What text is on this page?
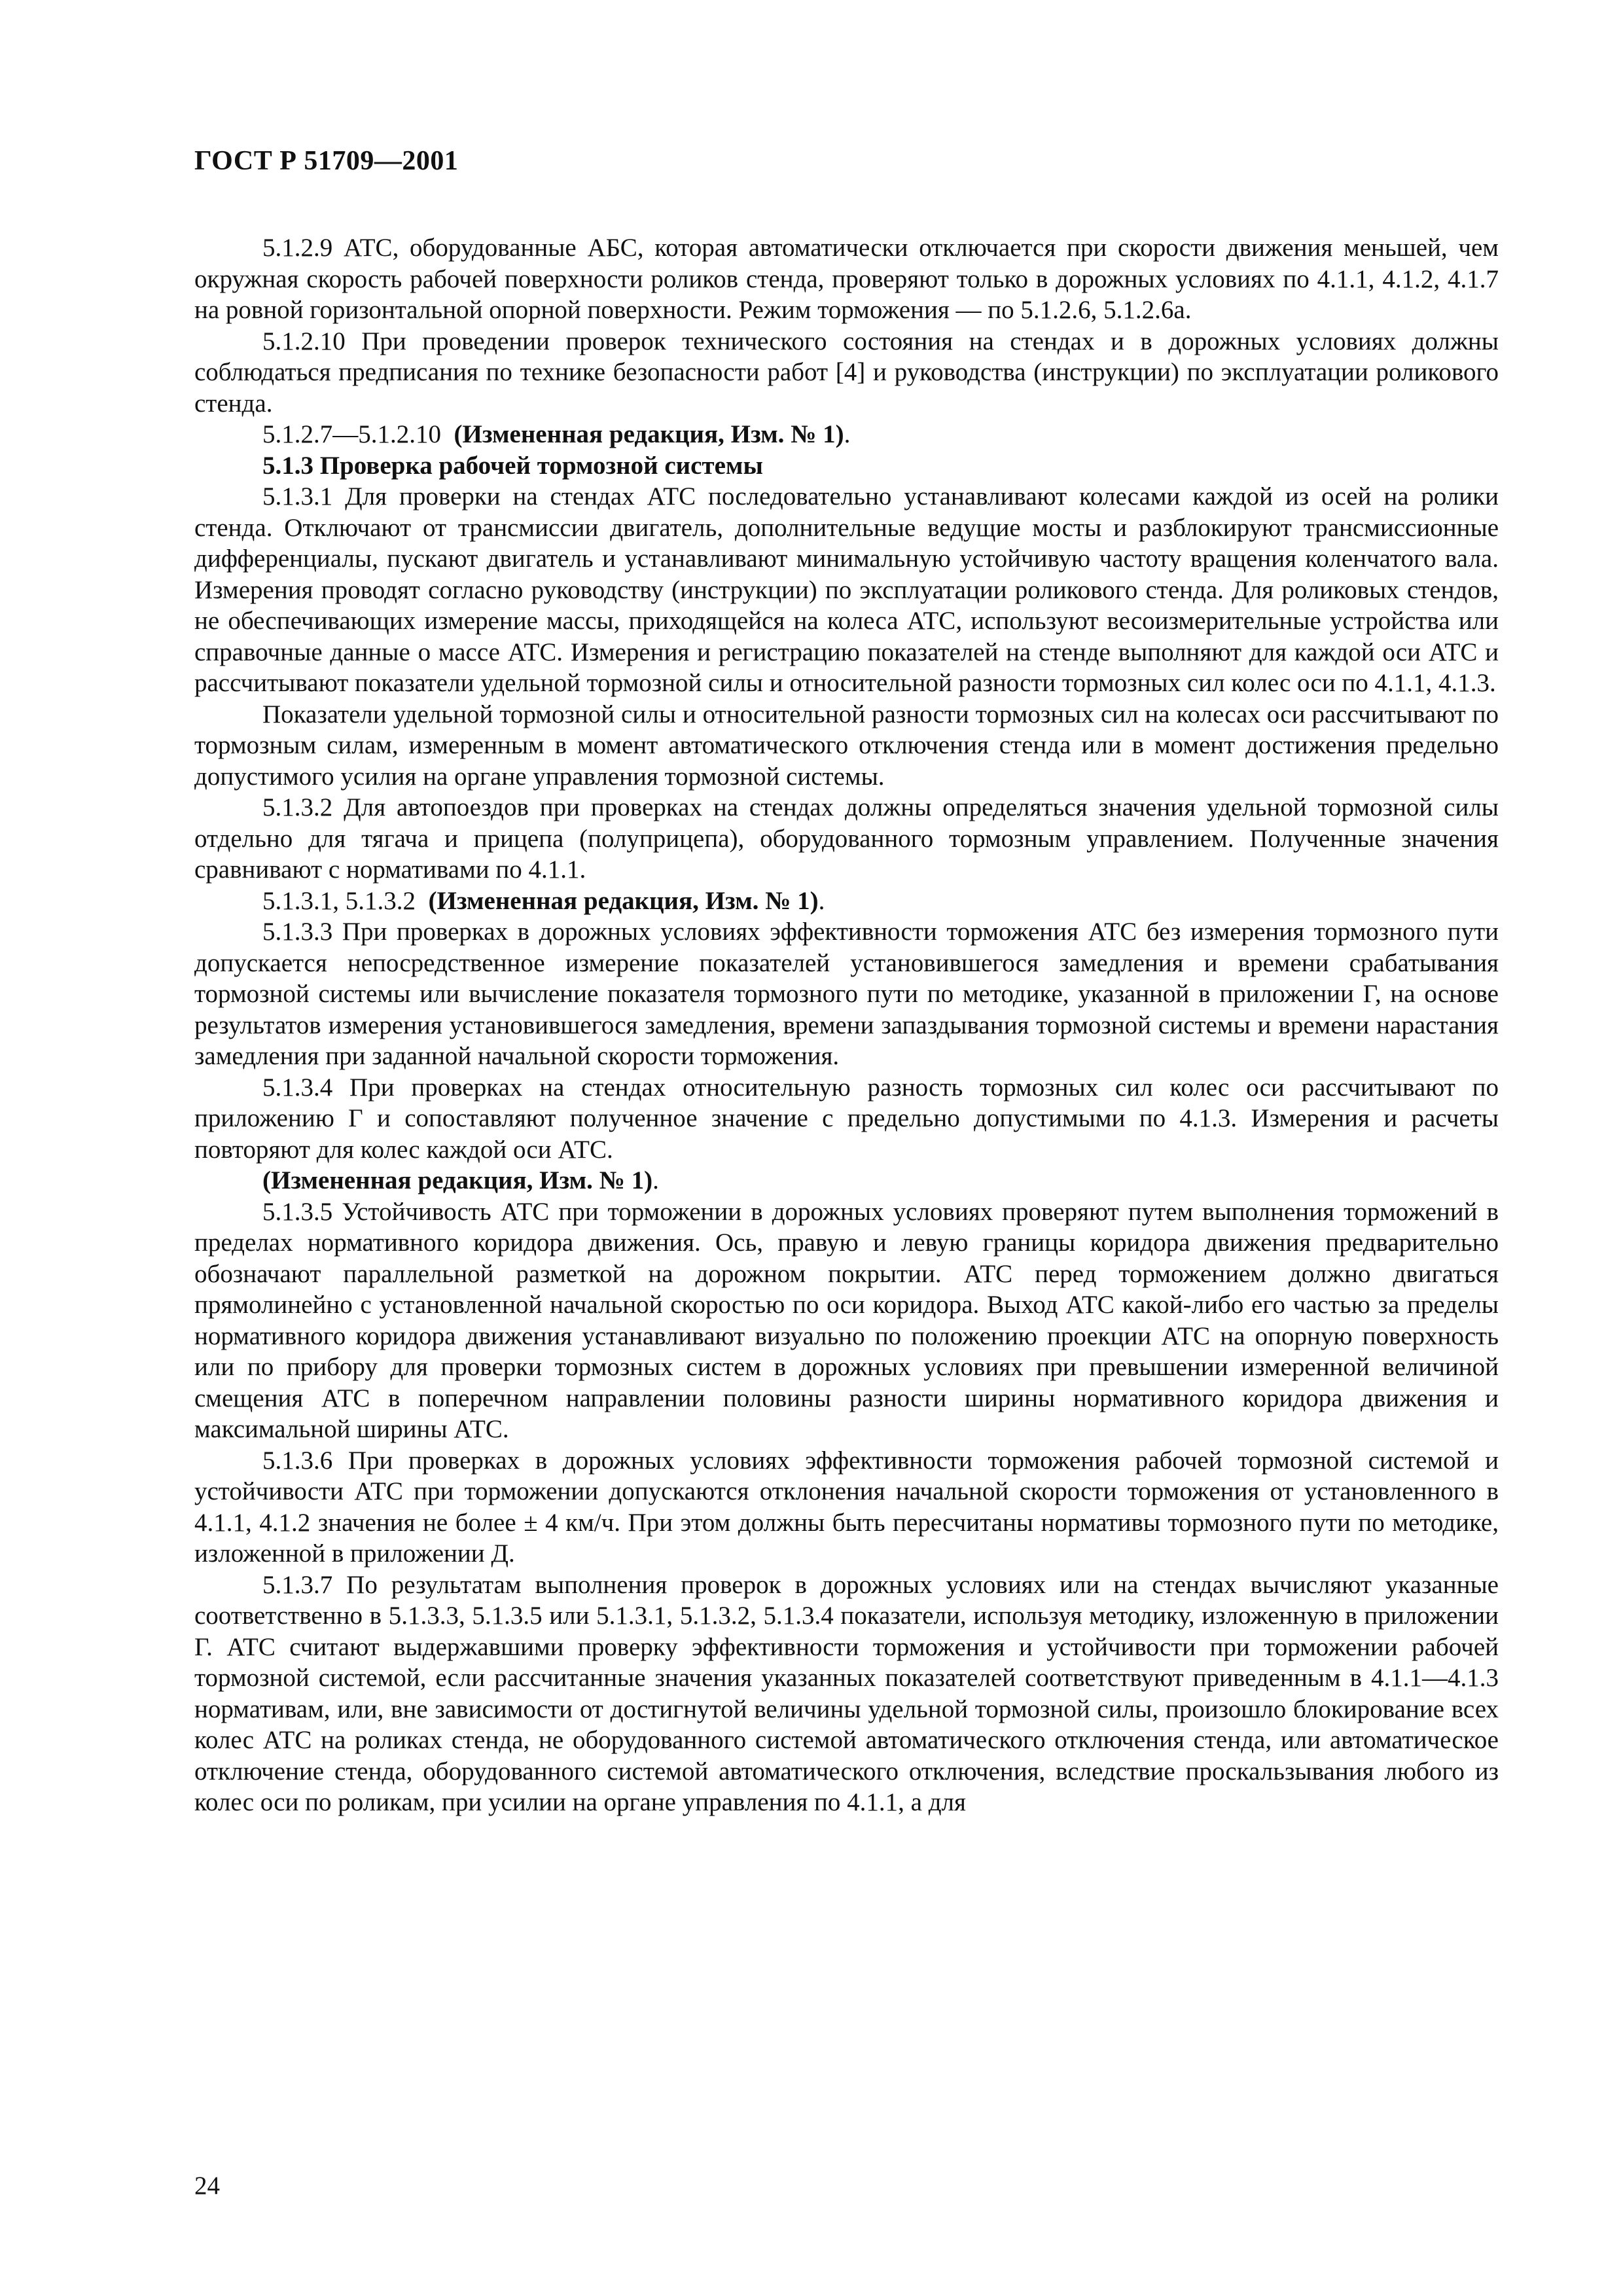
ГОСТ Р 51709—2001

5.1.2.9 АТС, оборудованные АБС, которая автоматически отключается при скорости движения меньшей, чем окружная скорость рабочей поверхности роликов стенда, проверяют только в дорожных условиях по 4.1.1, 4.1.2, 4.1.7 на ровной горизонтальной опорной поверхности. Режим торможения — по 5.1.2.6, 5.1.2.6а.

5.1.2.10 При проведении проверок технического состояния на стендах и в дорожных условиях должны соблюдаться предписания по технике безопасности работ [4] и руководства (инструкции) по эксплуатации роликового стенда.

5.1.2.7—5.1.2.10 (Измененная редакция, Изм. № 1).

5.1.3 Проверка рабочей тормозной системы

5.1.3.1 Для проверки на стендах АТС последовательно устанавливают колесами каждой из осей на ролики стенда. Отключают от трансмиссии двигатель, дополнительные ведущие мосты и разблокируют трансмиссионные дифференциалы, пускают двигатель и устанавливают минимальную устойчивую частоту вращения коленчатого вала. Измерения проводят согласно руководству (инструкции) по эксплуатации роликового стенда. Для роликовых стендов, не обеспечивающих измерение массы, приходящейся на колеса АТС, используют весоизмерительные устройства или справочные данные о массе АТС. Измерения и регистрацию показателей на стенде выполняют для каждой оси АТС и рассчитывают показатели удельной тормозной силы и относительной разности тормозных сил колес оси по 4.1.1, 4.1.3.

Показатели удельной тормозной силы и относительной разности тормозных сил на колесах оси рассчитывают по тормозным силам, измеренным в момент автоматического отключения стенда или в момент достижения предельно допустимого усилия на органе управления тормозной системы.

5.1.3.2 Для автопоездов при проверках на стендах должны определяться значения удельной тормозной силы отдельно для тягача и прицепа (полуприцепа), оборудованного тормозным управлением. Полученные значения сравнивают с нормативами по 4.1.1.

5.1.3.1, 5.1.3.2 (Измененная редакция, Изм. № 1).

5.1.3.3 При проверках в дорожных условиях эффективности торможения АТС без измерения тормозного пути допускается непосредственное измерение показателей установившегося замедления и времени срабатывания тормозной системы или вычисление показателя тормозного пути по методике, указанной в приложении Г, на основе результатов измерения установившегося замедления, времени запаздывания тормозной системы и времени нарастания замедления при заданной начальной скорости торможения.

5.1.3.4 При проверках на стендах относительную разность тормозных сил колес оси рассчитывают по приложению Г и сопоставляют полученное значение с предельно допустимыми по 4.1.3. Измерения и расчеты повторяют для колес каждой оси АТС.

(Измененная редакция, Изм. № 1).

5.1.3.5 Устойчивость АТС при торможении в дорожных условиях проверяют путем выполнения торможений в пределах нормативного коридора движения. Ось, правую и левую границы коридора движения предварительно обозначают параллельной разметкой на дорожном покрытии. АТС перед торможением должно двигаться прямолинейно с установленной начальной скоростью по оси коридора. Выход АТС какой-либо его частью за пределы нормативного коридора движения устанавливают визуально по положению проекции АТС на опорную поверхность или по прибору для проверки тормозных систем в дорожных условиях при превышении измеренной величиной смещения АТС в поперечном направлении половины разности ширины нормативного коридора движения и максимальной ширины АТС.

5.1.3.6 При проверках в дорожных условиях эффективности торможения рабочей тормозной системой и устойчивости АТС при торможении допускаются отклонения начальной скорости торможения от установленного в 4.1.1, 4.1.2 значения не более ± 4 км/ч. При этом должны быть пересчитаны нормативы тормозного пути по методике, изложенной в приложении Д.

5.1.3.7 По результатам выполнения проверок в дорожных условиях или на стендах вычисляют указанные соответственно в 5.1.3.3, 5.1.3.5 или 5.1.3.1, 5.1.3.2, 5.1.3.4 показатели, используя методику, изложенную в приложении Г. АТС считают выдержавшими проверку эффективности торможения и устойчивости при торможении рабочей тормозной системой, если рассчитанные значения указанных показателей соответствуют приведенным в 4.1.1—4.1.3 нормативам, или, вне зависимости от достигнутой величины удельной тормозной силы, произошло блокирование всех колес АТС на роликах стенда, не оборудованного системой автоматического отключения стенда, или автоматическое отключение стенда, оборудованного системой автоматического отключения, вследствие проскальзывания любого из колес оси по роликам, при усилии на органе управления по 4.1.1, а для

24
